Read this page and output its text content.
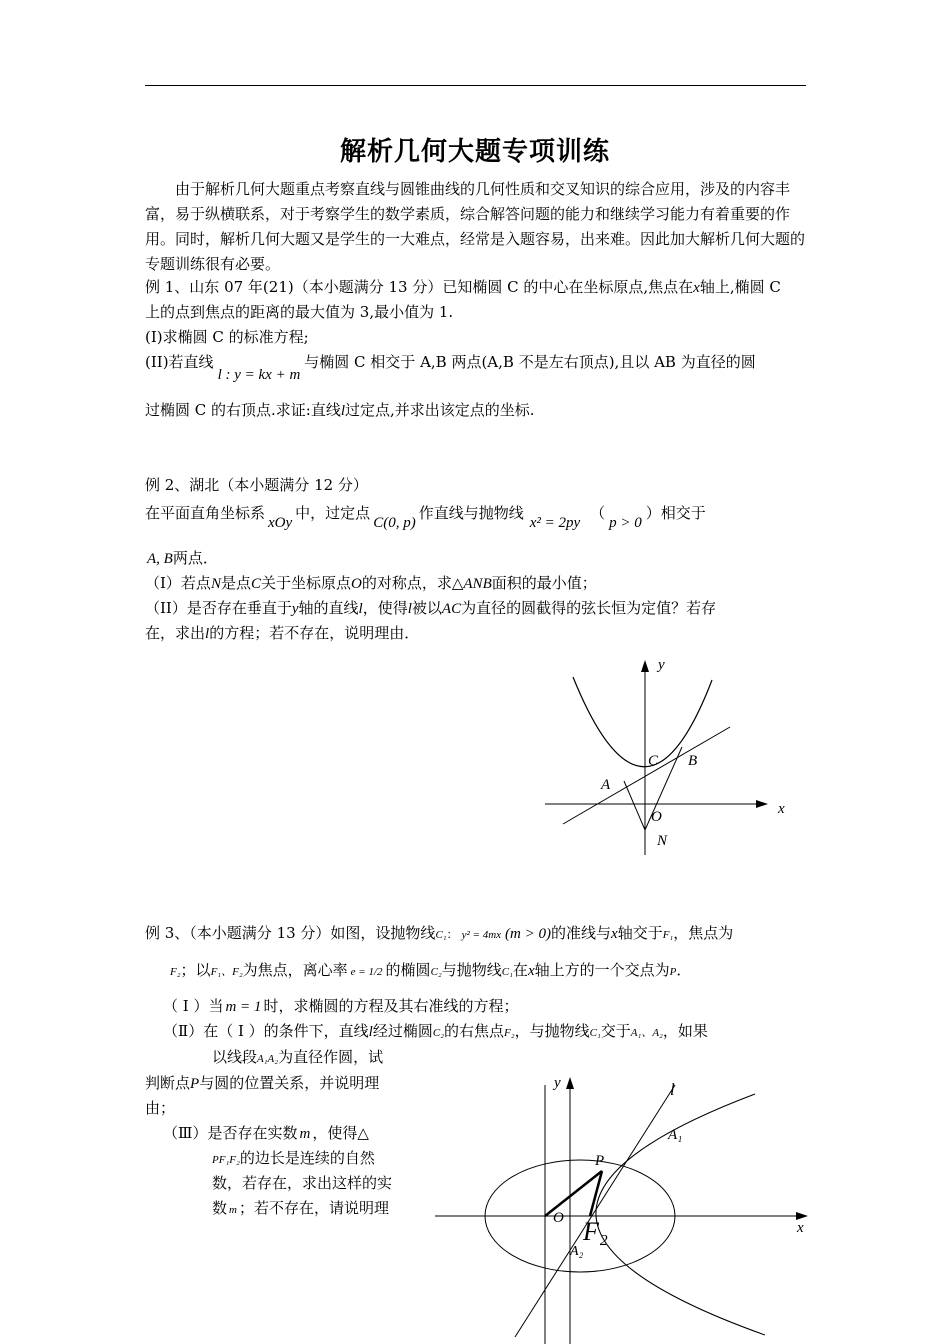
解析几何大题专项训练

由于解析几何大题重点考察直线与圆锥曲线的几何性质和交叉知识的综合应用，涉及的内容丰富，易于纵横联系，对于考察学生的数学素质，综合解答问题的能力和继续学习能力有着重要的作用。同时，解析几何大题又是学生的一大难点，经常是入题容易，出来难。因此加大解析几何大题的专题训练很有必要。

例 1、山东 07 年(21)（本小题满分 13 分）已知椭圆 C 的中心在坐标原点,焦点在x轴上,椭圆 C
上的点到焦点的距离的最大值为 3,最小值为 1.
(I)求椭圆 C 的标准方程;
(II)若直线l : y = kx + m与椭圆 C 相交于 A,B 两点(A,B 不是左右顶点),且以 AB 为直径的圆
过椭圆 C 的右顶点.求证:直线l过定点,并求出该定点的坐标.
例 2、湖北（本小题满分 12 分）
在平面直角坐标系xOy中，过定点C(0, p)作直线与抛物线x² = 2py（p > 0）相交于
A, B两点．
（I）若点N是点C关于坐标原点O的对称点，求△ANB面积的最小值；
（II）是否存在垂直于y轴的直线l，使得l被以AC为直径的圆截得的弦长恒为定值？若存
在，求出l的方程；若不存在，说明理由．
y
x
A
B
C
O
N
例 3、（本小题满分 13 分）如图，设抛物线C₁： y² = 4mx (m > 0)的准线与x轴交于F₁，焦点为
F₂；以F₁、F₂为焦点，离心率 e = 1/2 的椭圆C₂与抛物线C₁在x轴上方的一个交点为P．
（ I ）当 m = 1 时，求椭圆的方程及其右准线的方程；
（Ⅱ）在（ I ）的条件下，直线l经过椭圆C₂的右焦点F₂，与抛物线C₁交于A₁、A₂，如果
以线段A₁A₂为直径作圆，试
判断点P与圆的位置关系，并说明理
由；
（Ⅲ）是否存在实数 m ，使得△
PF₁F₂的边长是连续的自然
数，若存在，求出这样的实
数 m ；若不存在，请说明理
y
x
l
A₁
P
O F₂
A₂
